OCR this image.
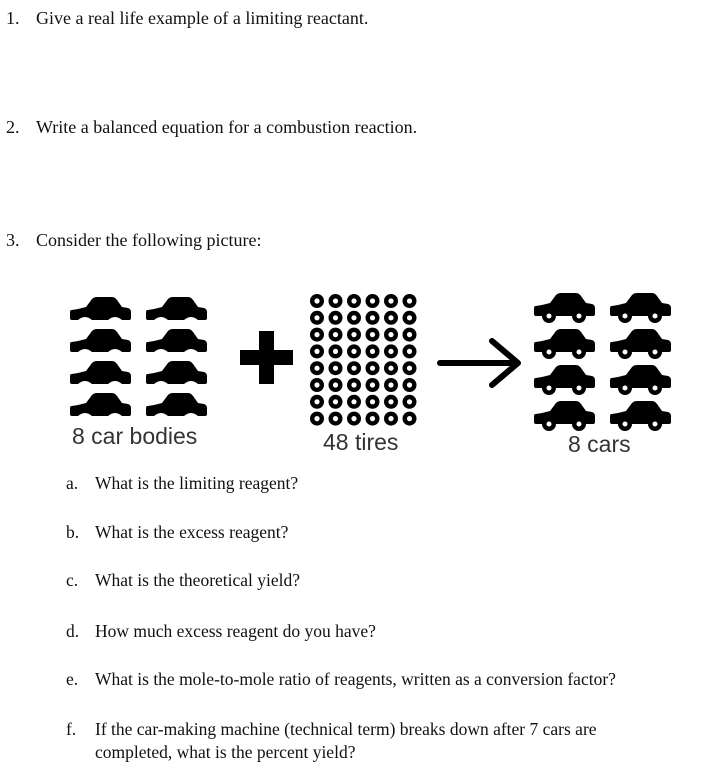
1. Give a real life example of a limiting reactant.
2. Write a balanced equation for a combustion reaction.
3. Consider the following picture:
8 car bodies	48 tires	8 cars
a. What is the limiting reagent?
b. What is the excess reagent?
c. What is the theoretical yield?
d. How much excess reagent do you have?
e. What is the mole-to-mole ratio of reagents, written as a conversion factor?
f. If the car-making machine (technical term) breaks down after 7 cars are
completed, what is the percent yield?
